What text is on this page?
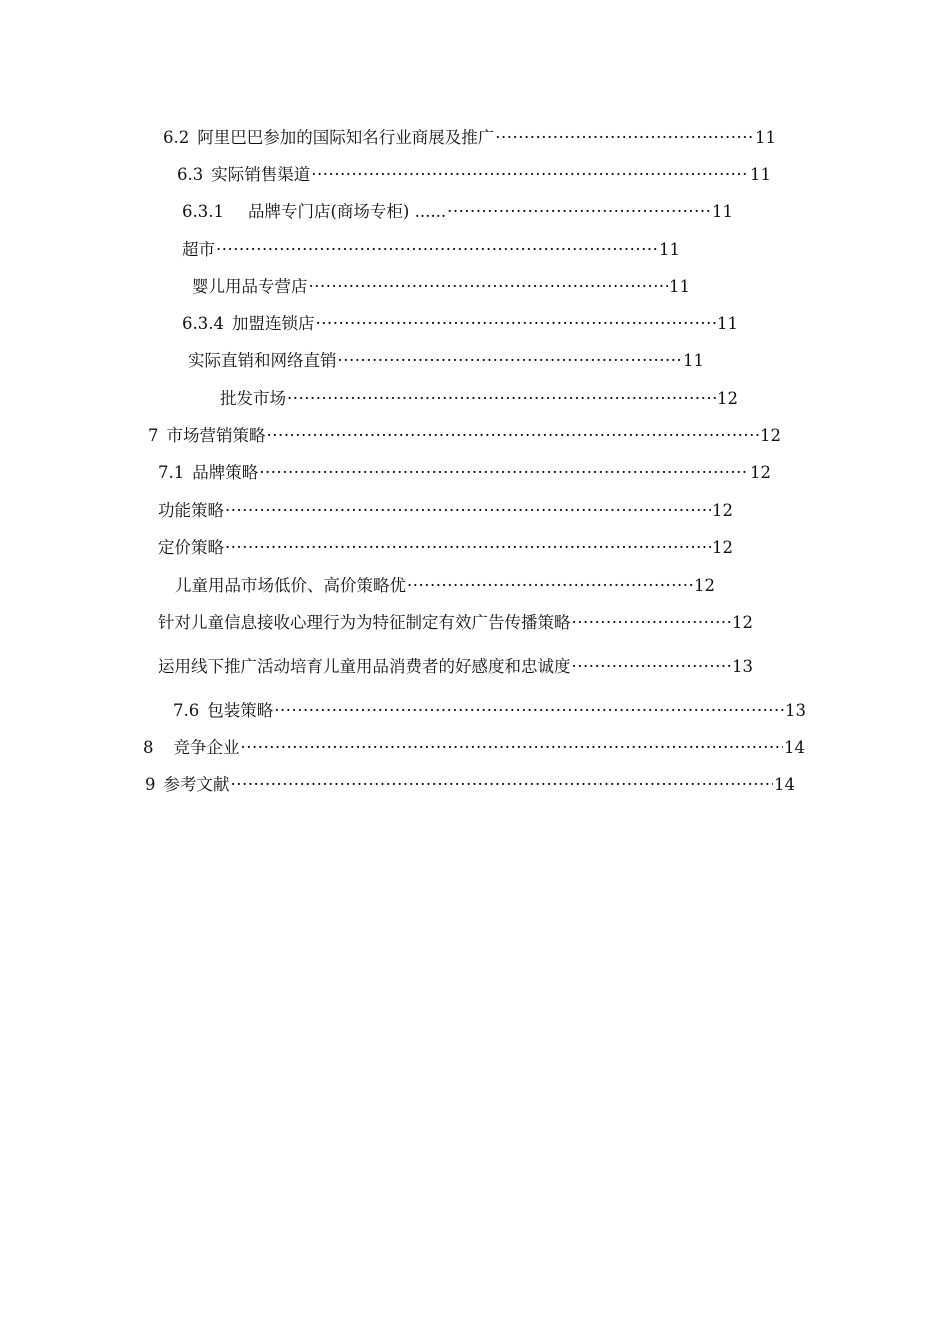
6.2 阿里巴巴参加的国际知名行业商展及推广 ·····	11
6.3 实际销售渠道 ·····	11
6.3.1 品牌专门店(商场专柜) ...... ·····	11
超市 ·····	11
婴儿用品专营店 ·····	11
6.3.4 加盟连锁店 ·····	11
实际直销和网络直销 ·····	11
批发市场 ·····	12
7 市场营销策略 ·····	12
7.1 品牌策略 ·····	12
功能策略 ·····	12
定价策略 ·····	12
儿童用品市场低价、高价策略优 ·····	12
针对儿童信息接收心理行为为特征制定有效广告传播策略 ·····	12
运用线下推广活动培育儿童用品消费者的好感度和忠诚度 ·····	13
7.6 包装策略 ·····	13
8 竞争企业 ·····	14
9 参考文献 ·····	14
